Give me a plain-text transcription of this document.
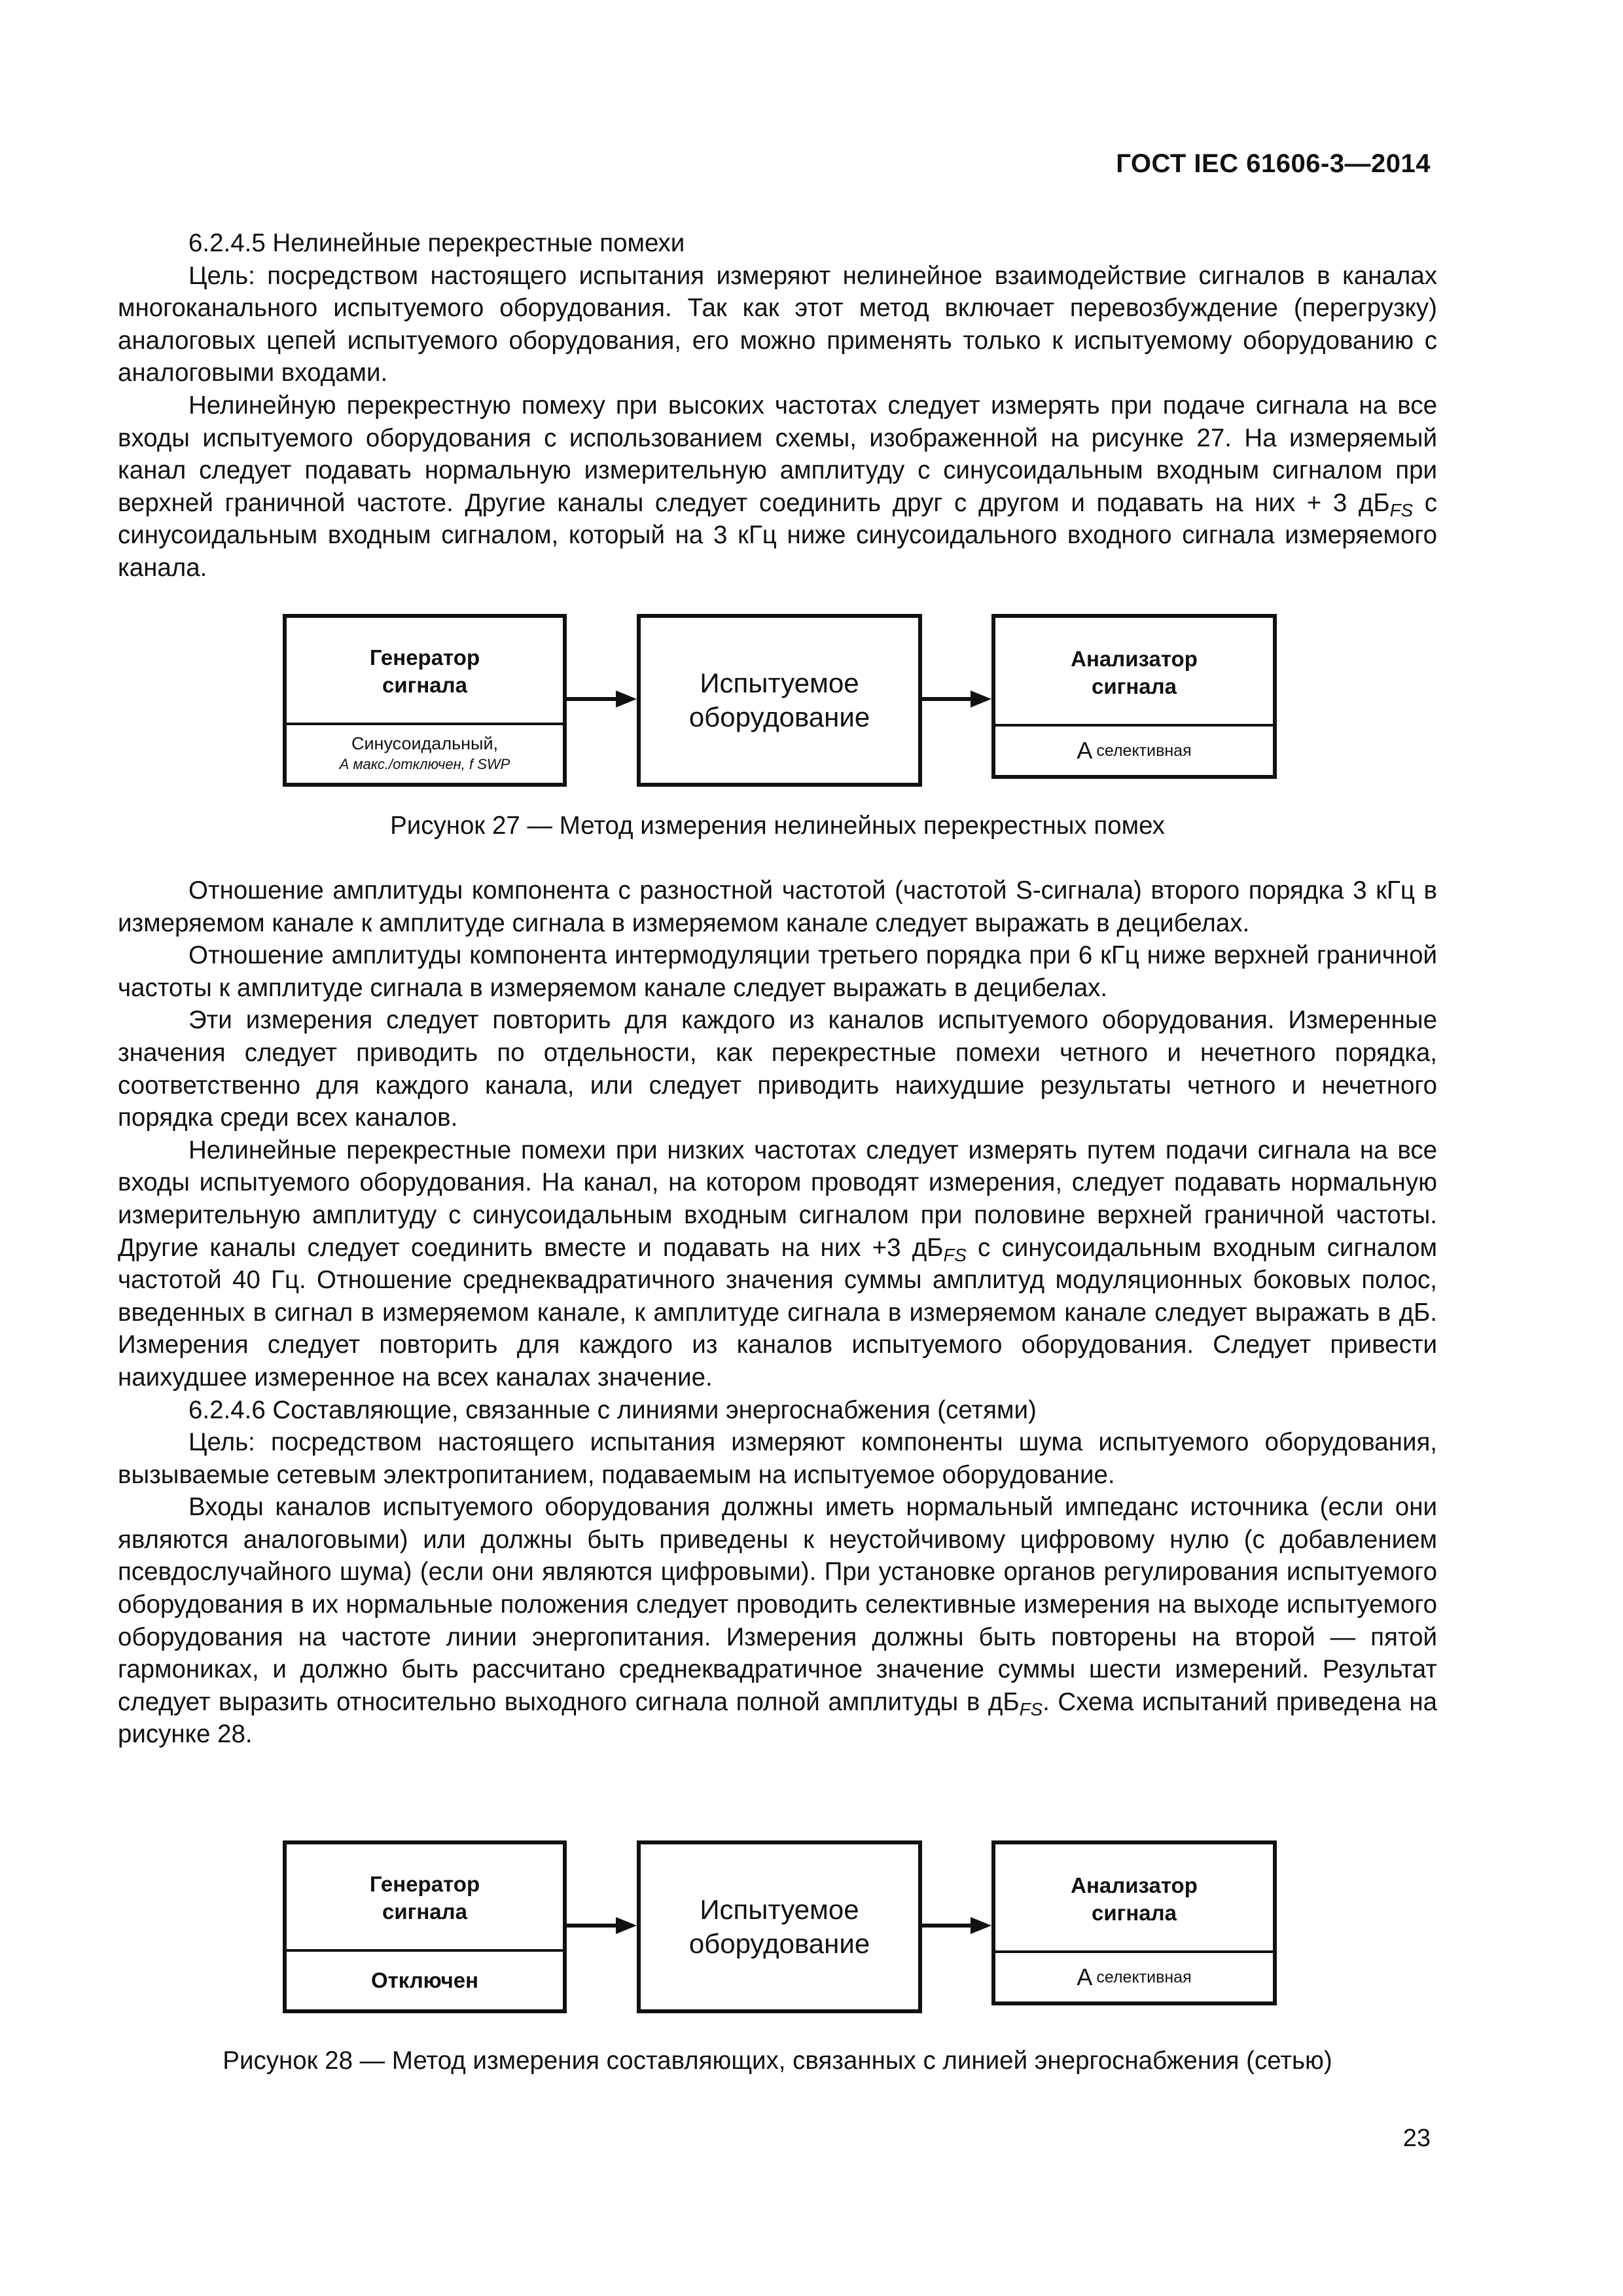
ГОСТ IEC 61606-3—2014

6.2.4.5 Нелинейные перекрестные помехи

Цель: посредством настоящего испытания измеряют нелинейное взаимодействие сигналов в каналах многоканального испытуемого оборудования. Так как этот метод включает перевозбуждение (перегрузку) аналоговых цепей испытуемого оборудования, его можно применять только к испытуемому оборудованию с аналоговыми входами.

Нелинейную перекрестную помеху при высоких частотах следует измерять при подаче сигнала на все входы испытуемого оборудования с использованием схемы, изображенной на рисунке 27. На измеряемый канал следует подавать нормальную измерительную амплитуду с синусоидальным входным сигналом при верхней граничной частоте. Другие каналы следует соединить друг с другом и подавать на них + 3 $дБ_{FS}$ с синусоидальным входным сигналом, который на 3 кГц ниже синусоидального входного сигнала измеряемого канала.

Генератор
сигнала
Синусоидальный,
А макс./отключен, f SWP
Испытуемое
оборудование
Анализатор
сигнала
А селективная

Рисунок 27 — Метод измерения нелинейных перекрестных помех

Отношение амплитуды компонента с разностной частотой (частотой S-сигнала) второго порядка 3 кГц в измеряемом канале к амплитуде сигнала в измеряемом канале следует выражать в децибелах.

Отношение амплитуды компонента интермодуляции третьего порядка при 6 кГц ниже верхней граничной частоты к амплитуде сигнала в измеряемом канале следует выражать в децибелах.

Эти измерения следует повторить для каждого из каналов испытуемого оборудования. Измеренные значения следует приводить по отдельности, как перекрестные помехи четного и нечетного порядка, соответственно для каждого канала, или следует приводить наихудшие результаты четного и нечетного порядка среди всех каналов.

Нелинейные перекрестные помехи при низких частотах следует измерять путем подачи сигнала на все входы испытуемого оборудования. На канал, на котором проводят измерения, следует подавать нормальную измерительную амплитуду с синусоидальным входным сигналом при половине верхней граничной частоты. Другие каналы следует соединить вместе и подавать на них +3 $дБ_{FS}$ с синусоидальным входным сигналом частотой 40 Гц. Отношение среднеквадратичного значения суммы амплитуд модуляционных боковых полос, введенных в сигнал в измеряемом канале, к амплитуде сигнала в измеряемом канале следует выражать в дБ. Измерения следует повторить для каждого из каналов испытуемого оборудования. Следует привести наихудшее измеренное на всех каналах значение.

6.2.4.6 Составляющие, связанные с линиями энергоснабжения (сетями)

Цель: посредством настоящего испытания измеряют компоненты шума испытуемого оборудования, вызываемые сетевым электропитанием, подаваемым на испытуемое оборудование.

Входы каналов испытуемого оборудования должны иметь нормальный импеданс источника (если они являются аналоговыми) или должны быть приведены к неустойчивому цифровому нулю (с добавлением псевдослучайного шума) (если они являются цифровыми). При установке органов регулирования испытуемого оборудования в их нормальные положения следует проводить селективные измерения на выходе испытуемого оборудования на частоте линии энергопитания. Измерения должны быть повторены на второй — пятой гармониках, и должно быть рассчитано среднеквадратичное значение суммы шести измерений. Результат следует выразить относительно выходного сигнала полной амплитуды в $дБ_{FS}$. Схема испытаний приведена на рисунке 28.

Генератор
сигнала
Отключен
Испытуемое
оборудование
Анализатор
сигнала
А селективная

Рисунок 28 — Метод измерения составляющих, связанных с линией энергоснабжения (сетью)

23
